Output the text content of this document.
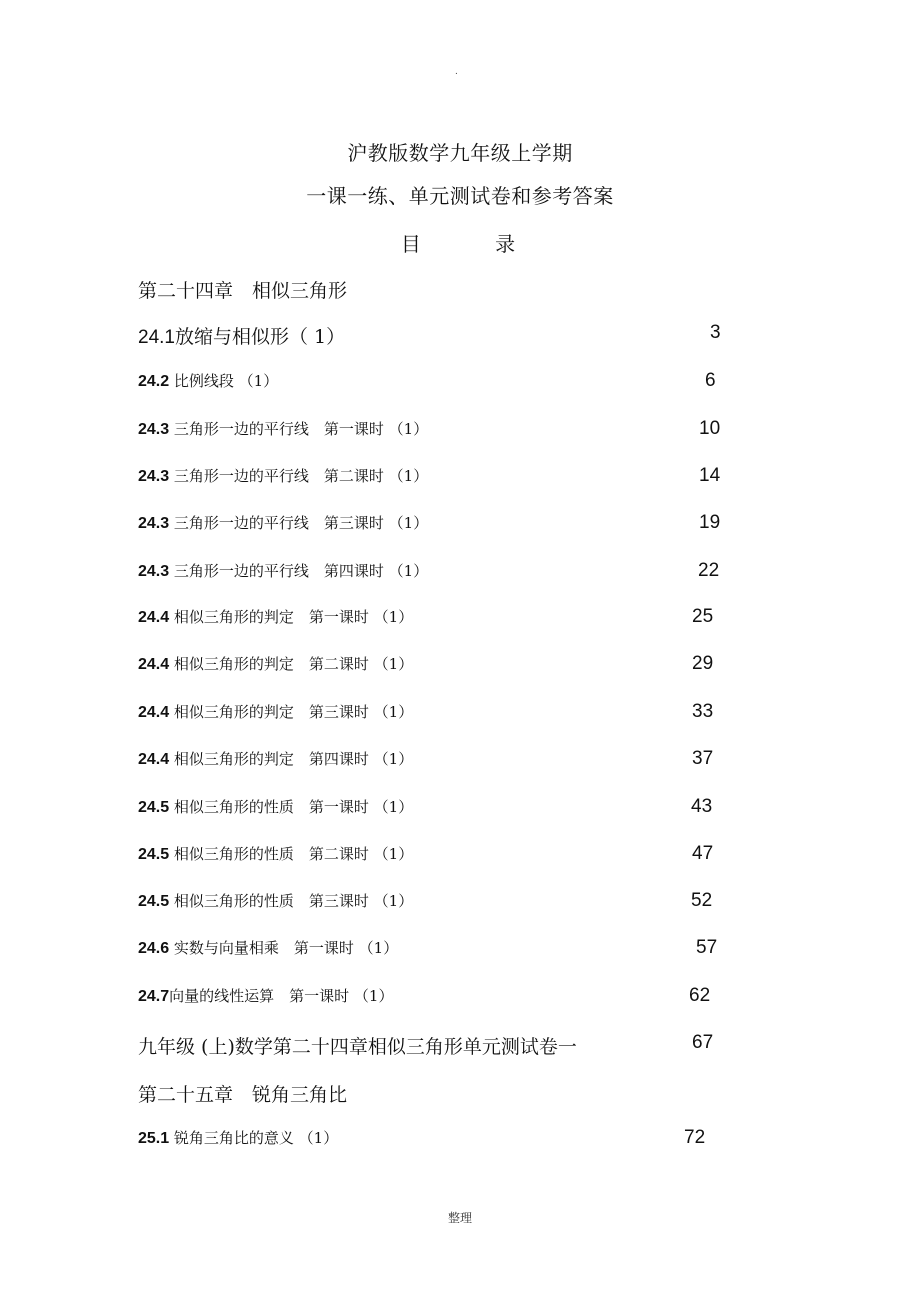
.
沪教版数学九年级上学期
一课一练、单元测试卷和参考答案
目 录
第二十四章　相似三角形
24.1放缩与相似形（ 1）	3
24.2 比例线段 （1）	6
24.3 三角形一边的平行线　第一课时 （1）	10
24.3 三角形一边的平行线　第二课时 （1）	14
24.3 三角形一边的平行线　第三课时 （1）	19
24.3 三角形一边的平行线　第四课时 （1）	22
24.4 相似三角形的判定　第一课时 （1）	25
24.4 相似三角形的判定　第二课时 （1）	29
24.4 相似三角形的判定　第三课时 （1）	33
24.4 相似三角形的判定　第四课时 （1）	37
24.5 相似三角形的性质　第一课时 （1）	43
24.5 相似三角形的性质　第二课时 （1）	47
24.5 相似三角形的性质　第三课时 （1）	52
24.6 实数与向量相乘　第一课时 （1）	57
24.7向量的线性运算　第一课时 （1）	62
九年级 (上)数学第二十四章相似三角形单元测试卷一	67
第二十五章　锐角三角比
25.1 锐角三角比的意义 （1）	72
整理
